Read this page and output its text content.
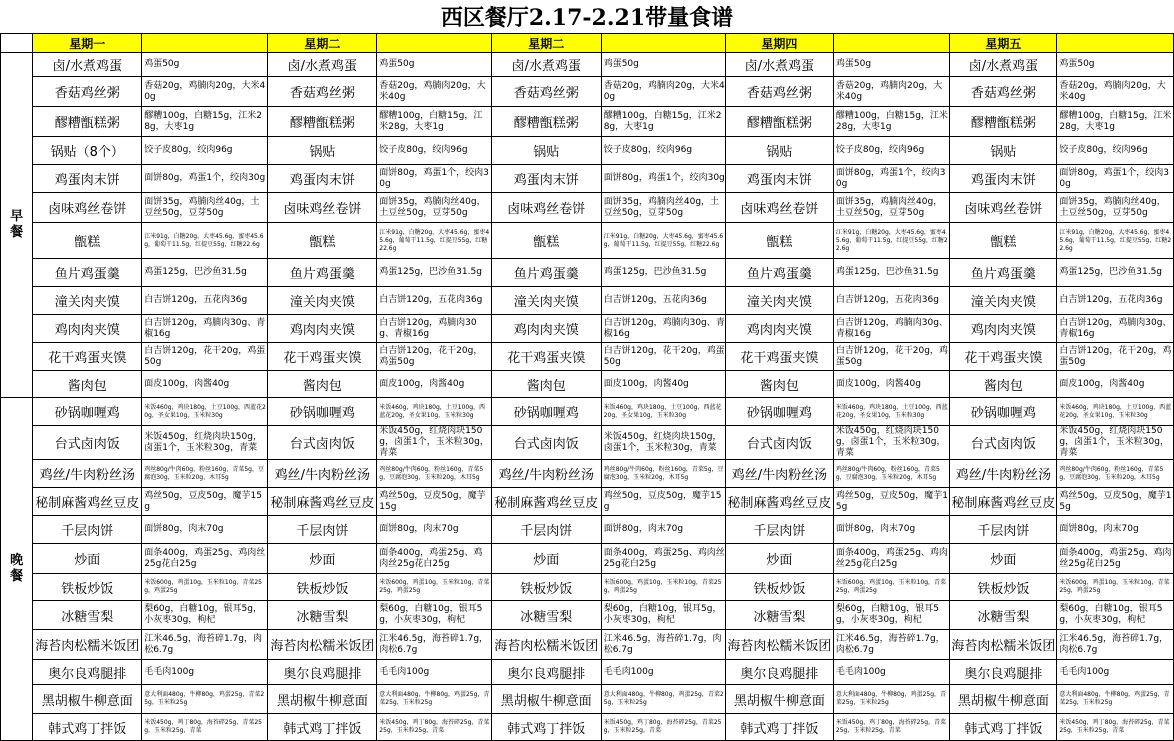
西区餐厅2.17-2.21带量食谱
	星期一		星期二		星期二		星期四		星期五	
早
餐	卤/水煮鸡蛋	鸡蛋50g	卤/水煮鸡蛋	鸡蛋50g	卤/水煮鸡蛋	鸡蛋50g	卤/水煮鸡蛋	鸡蛋50g	卤/水煮鸡蛋	鸡蛋50g
	香菇鸡丝粥	香菇20g，鸡腩肉20g，大米40g	香菇鸡丝粥	香菇20g，鸡腩肉20g，大米40g	香菇鸡丝粥	香菇20g，鸡腩肉20g，大米40g	香菇鸡丝粥	香菇20g，鸡腩肉20g，大米40g	香菇鸡丝粥	香菇20g，鸡腩肉20g，大米40g
	醪糟甑糕粥	醪糟100g，白糖15g，江米28g，大枣1g	醪糟甑糕粥	醪糟100g，白糖15g，江米28g，大枣1g	醪糟甑糕粥	醪糟100g，白糖15g，江米28g，大枣1g	醪糟甑糕粥	醪糟100g，白糖15g，江米28g，大枣1g	醪糟甑糕粥	醪糟100g，白糖15g，江米28g，大枣1g
	锅贴（8个）	饺子皮80g，绞肉96g	锅贴	饺子皮80g，绞肉96g	锅贴	饺子皮80g，绞肉96g	锅贴	饺子皮80g，绞肉96g	锅贴	饺子皮80g，绞肉96g
	鸡蛋肉末饼	面饼80g，鸡蛋1个，绞肉30g	鸡蛋肉末饼	面饼80g，鸡蛋1个，绞肉30g	鸡蛋肉末饼	面饼80g，鸡蛋1个，绞肉30g	鸡蛋肉末饼	面饼80g，鸡蛋1个，绞肉30g	鸡蛋肉末饼	面饼80g，鸡蛋1个，绞肉30g
	卤味鸡丝卷饼	面饼35g，鸡腩肉丝40g，土豆丝50g，豆芽50g	卤味鸡丝卷饼	面饼35g，鸡腩肉丝40g，土豆丝50g，豆芽50g	卤味鸡丝卷饼	面饼35g，鸡腩肉丝40g，土豆丝50g，豆芽50g	卤味鸡丝卷饼	面饼35g，鸡腩肉丝40g，土豆丝50g，豆芽50g	卤味鸡丝卷饼	面饼35g，鸡腩肉丝40g，土豆丝50g，豆芽50g
	甑糕	江米91g，白糖20g，大枣45.6g，蜜枣45.6g，葡萄干11.5g，红提豆55g，红糖22.6g	甑糕	江米91g，白糖20g，大枣45.6g，蜜枣45.6g，葡萄干11.5g，红提豆55g，红糖22.6g	甑糕	江米91g，白糖20g，大枣45.6g，蜜枣45.6g，葡萄干11.5g，红提豆55g，红糖22.6g	甑糕	江米91g，白糖20g，大枣45.6g，蜜枣45.6g，葡萄干11.5g，红提豆55g，红糖22.6g	甑糕	江米91g，白糖20g，大枣45.6g，蜜枣45.6g，葡萄干11.5g，红提豆55g，红糖22.6g
	鱼片鸡蛋羹	鸡蛋125g，巴沙鱼31.5g	鱼片鸡蛋羹	鸡蛋125g，巴沙鱼31.5g	鱼片鸡蛋羹	鸡蛋125g，巴沙鱼31.5g	鱼片鸡蛋羹	鸡蛋125g，巴沙鱼31.5g	鱼片鸡蛋羹	鸡蛋125g，巴沙鱼31.5g
	潼关肉夹馍	白吉饼120g，五花肉36g	潼关肉夹馍	白吉饼120g，五花肉36g	潼关肉夹馍	白吉饼120g，五花肉36g	潼关肉夹馍	白吉饼120g，五花肉36g	潼关肉夹馍	白吉饼120g，五花肉36g
	鸡肉肉夹馍	白吉饼120g，鸡腩肉30g、青椒16g	鸡肉肉夹馍	白吉饼120g，鸡腩肉30g、青椒16g	鸡肉肉夹馍	白吉饼120g，鸡腩肉30g、青椒16g	鸡肉肉夹馍	白吉饼120g，鸡腩肉30g、青椒16g	鸡肉肉夹馍	白吉饼120g，鸡腩肉30g、青椒16g
	花干鸡蛋夹馍	白吉饼120g，花干20g，鸡蛋50g	花干鸡蛋夹馍	白吉饼120g，花干20g，鸡蛋50g	花干鸡蛋夹馍	白吉饼120g，花干20g，鸡蛋50g	花干鸡蛋夹馍	白吉饼120g，花干20g，鸡蛋50g	花干鸡蛋夹馍	白吉饼120g，花干20g，鸡蛋50g
	酱肉包	面皮100g，肉酱40g	酱肉包	面皮100g，肉酱40g	酱肉包	面皮100g，肉酱40g	酱肉包	面皮100g，肉酱40g	酱肉包	面皮100g，肉酱40g
晚
餐	砂锅咖喱鸡	米饭460g，鸡块180g，土豆100g，西蓝花20g，圣女果10g，玉米粒30g	砂锅咖喱鸡	米饭460g，鸡块180g，土豆100g，西蓝花20g，圣女果10g，玉米粒30g	砂锅咖喱鸡	米饭460g，鸡块180g，土豆100g，西蓝花20g，圣女果10g，玉米粒30g	砂锅咖喱鸡	米饭460g，鸡块180g，土豆100g，西蓝花20g，圣女果10g，玉米粒30g	砂锅咖喱鸡	米饭460g，鸡块180g，土豆100g，西蓝花20g，圣女果10g，玉米粒30g
	台式卤肉饭	米饭450g，红烧肉块150g，卤蛋1个，玉米粒30g，青菜	台式卤肉饭	米饭450g，红烧肉块150g，卤蛋1个，玉米粒30g，青菜	台式卤肉饭	米饭450g，红烧肉块150g，卤蛋1个，玉米粒30g，青菜	台式卤肉饭	米饭450g，红烧肉块150g，卤蛋1个，玉米粒30g，青菜	台式卤肉饭	米饭450g，红烧肉块150g，卤蛋1个，玉米粒30g，青菜
	鸡丝/牛肉粉丝汤	鸡丝80g/牛肉60g，粉丝160g，青菜5g，豆腐泡30g，玉米粒20g，木耳5g	鸡丝/牛肉粉丝汤	鸡丝80g/牛肉60g，粉丝160g，青菜5g，豆腐泡30g，玉米粒20g，木耳5g	鸡丝/牛肉粉丝汤	鸡丝80g/牛肉60g，粉丝160g，青菜5g，豆腐泡30g，玉米粒20g，木耳5g	鸡丝/牛肉粉丝汤	鸡丝80g/牛肉60g，粉丝160g，青菜5g，豆腐泡30g，玉米粒20g，木耳5g	鸡丝/牛肉粉丝汤	鸡丝80g/牛肉60g，粉丝160g，青菜5g，豆腐泡30g，玉米粒20g，木耳5g
	秘制麻酱鸡丝豆皮	鸡丝50g，豆皮50g，魔芋15g	秘制麻酱鸡丝豆皮	鸡丝50g，豆皮50g，魔芋15g	秘制麻酱鸡丝豆皮	鸡丝50g，豆皮50g，魔芋15g	秘制麻酱鸡丝豆皮	鸡丝50g，豆皮50g，魔芋15g	秘制麻酱鸡丝豆皮	鸡丝50g，豆皮50g，魔芋15g
	千层肉饼	面饼80g，肉末70g	千层肉饼	面饼80g，肉末70g	千层肉饼	面饼80g，肉末70g	千层肉饼	面饼80g，肉末70g	千层肉饼	面饼80g，肉末70g
	炒面	面条400g，鸡蛋25g、鸡肉丝25g花白25g	炒面	面条400g，鸡蛋25g、鸡肉丝25g花白25g	炒面	面条400g，鸡蛋25g、鸡肉丝25g花白25g	炒面	面条400g，鸡蛋25g、鸡肉丝25g花白25g	炒面	面条400g，鸡蛋25g、鸡肉丝25g花白25g
	铁板炒饭	米饭600g，鸡蛋10g，玉米粒10g，青菜25g，鸡蛋25g	铁板炒饭	米饭600g，鸡蛋10g，玉米粒10g，青菜25g，鸡蛋25g	铁板炒饭	米饭600g，鸡蛋10g，玉米粒10g，青菜25g，鸡蛋25g	铁板炒饭	米饭600g，鸡蛋10g，玉米粒10g，青菜25g，鸡蛋25g	铁板炒饭	米饭600g，鸡蛋10g，玉米粒10g，青菜25g，鸡蛋25g
	冰糖雪梨	梨60g，白糖10g，银耳5g，小灰枣30g，枸杞	冰糖雪梨	梨60g，白糖10g，银耳5g，小灰枣30g，枸杞	冰糖雪梨	梨60g，白糖10g，银耳5g，小灰枣30g，枸杞	冰糖雪梨	梨60g，白糖10g，银耳5g，小灰枣30g，枸杞	冰糖雪梨	梨60g，白糖10g，银耳5g，小灰枣30g，枸杞
	海苔肉松糯米饭团	江米46.5g，海苔碎1.7g，肉松6.7g	海苔肉松糯米饭团	江米46.5g，海苔碎1.7g，肉松6.7g	海苔肉松糯米饭团	江米46.5g，海苔碎1.7g，肉松6.7g	海苔肉松糯米饭团	江米46.5g，海苔碎1.7g，肉松6.7g	海苔肉松糯米饭团	江米46.5g，海苔碎1.7g，肉松6.7g
	奥尔良鸡腿排	毛毛肉100g	奥尔良鸡腿排	毛毛肉100g	奥尔良鸡腿排	毛毛肉100g	奥尔良鸡腿排	毛毛肉100g	奥尔良鸡腿排	毛毛肉100g
	黑胡椒牛柳意面	意大利面480g，牛柳80g，鸡蛋25g，青菜25g，玉米粒25g	黑胡椒牛柳意面	意大利面480g，牛柳80g，鸡蛋25g，青菜25g，玉米粒25g	黑胡椒牛柳意面	意大利面480g，牛柳80g，鸡蛋25g，青菜25g，玉米粒25g	黑胡椒牛柳意面	意大利面480g，牛柳80g，鸡蛋25g，青菜25g，玉米粒25g	黑胡椒牛柳意面	意大利面480g，牛柳80g，鸡蛋25g，青菜25g，玉米粒25g
	韩式鸡丁拌饭	米饭450g，鸡丁80g，海苔碎25g，青菜25g，玉米粒25g，青菜	韩式鸡丁拌饭	米饭450g，鸡丁80g，海苔碎25g，青菜25g，玉米粒25g，青菜	韩式鸡丁拌饭	米饭450g，鸡丁80g，海苔碎25g，青菜25g，玉米粒25g，青菜	韩式鸡丁拌饭	米饭450g，鸡丁80g，海苔碎25g，青菜25g，玉米粒25g，青菜	韩式鸡丁拌饭	米饭450g，鸡丁80g，海苔碎25g，青菜25g，玉米粒25g，青菜
